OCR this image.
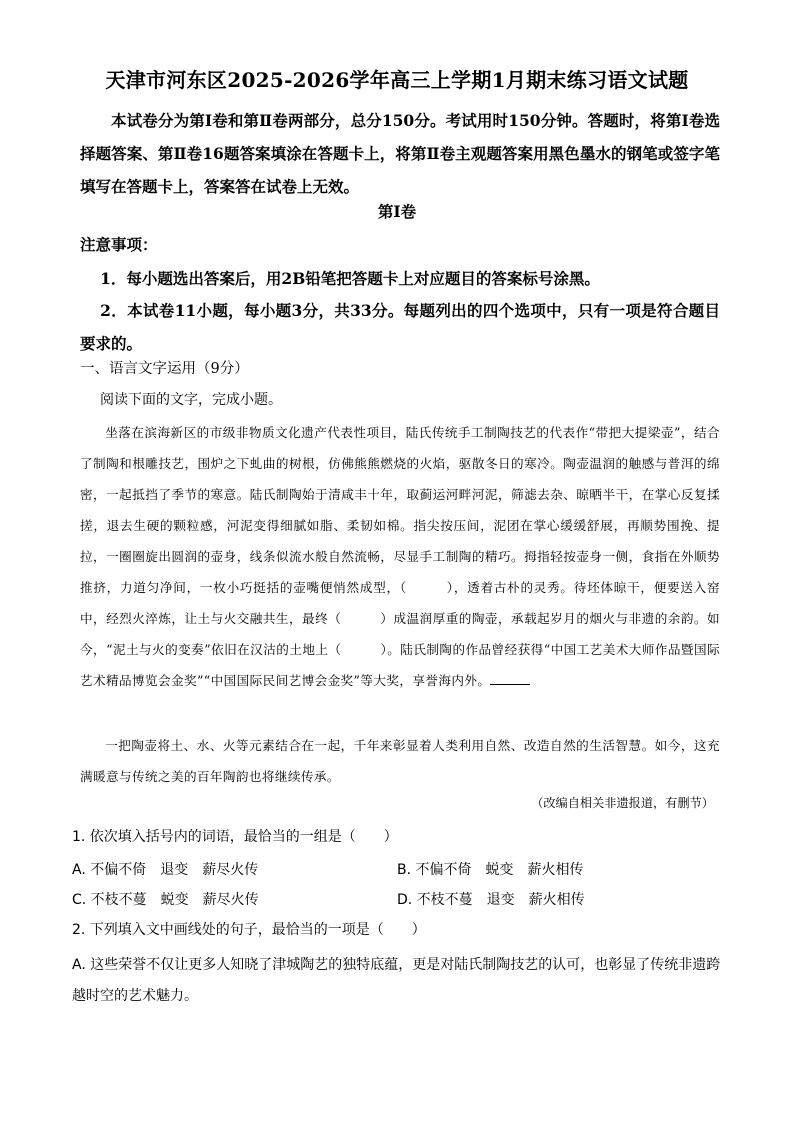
天津市河东区2025-2026学年高三上学期1月期末练习语文试题
本试卷分为第Ⅰ卷和第Ⅱ卷两部分，总分150分。考试用时150分钟。答题时，将第Ⅰ卷选择题答案、第Ⅱ卷16题答案填涂在答题卡上，将第Ⅱ卷主观题答案用黑色墨水的钢笔或签字笔填写在答题卡上，答案答在试卷上无效。
第Ⅰ卷
注意事项：
1．每小题选出答案后，用2B铅笔把答题卡上对应题目的答案标号涂黑。
2．本试卷11小题，每小题3分，共33分。每题列出的四个选项中，只有一项是符合题目要求的。
一、语言文字运用（9分）
阅读下面的文字，完成小题。
坐落在滨海新区的市级非物质文化遗产代表性项目，陆氏传统手工制陶技艺的代表作“带把大提梁壶”，结合了制陶和根雕技艺，围炉之下虬曲的树根，仿佛熊熊燃烧的火焰，驱散冬日的寒冷。陶壶温润的触感与普洱的绵密，一起抵挡了季节的寒意。陆氏制陶始于清咸丰十年，取蓟运河畔河泥，筛滤去杂、晾晒半干，在掌心反复揉搓，退去生硬的颗粒感，河泥变得细腻如脂、柔韧如棉。指尖按压间，泥团在掌心缓缓舒展，再顺势围挽、提拉，一圈圈旋出圆润的壶身，线条似流水般自然流畅，尽显手工制陶的精巧。拇指轻按壶身一侧，食指在外顺势推挤，力道匀净间，一枚小巧挺括的壶嘴便悄然成型，（　　　），透着古朴的灵秀。待坯体晾干，便要送入窑中，经烈火淬炼，让土与火交融共生，最终（　　　）成温润厚重的陶壶，承载起岁月的烟火与非遗的余韵。如今，“泥土与火的变奏”依旧在汉沽的土地上（　　　）。陆氏制陶的作品曾经获得“中国工艺美术大师作品暨国际艺术精品博览会金奖”“中国国际民间艺博会金奖”等大奖，享誉海内外。
一把陶壶将土、水、火等元素结合在一起，千年来彰显着人类利用自然、改造自然的生活智慧。如今，这充满暖意与传统之美的百年陶韵也将继续传承。
（改编自相关非遗报道，有删节）
1. 依次填入括号内的词语，最恰当的一组是（　　）
A. 不偏不倚　退变　薪尽火传	B. 不偏不倚　蜕变　薪火相传
C. 不枝不蔓　蜕变　薪尽火传	D. 不枝不蔓　退变　薪火相传
2. 下列填入文中画线处的句子，最恰当的一项是（　　）
A. 这些荣誉不仅让更多人知晓了津城陶艺的独特底蕴，更是对陆氏制陶技艺的认可，也彰显了传统非遗跨越时空的艺术魅力。
